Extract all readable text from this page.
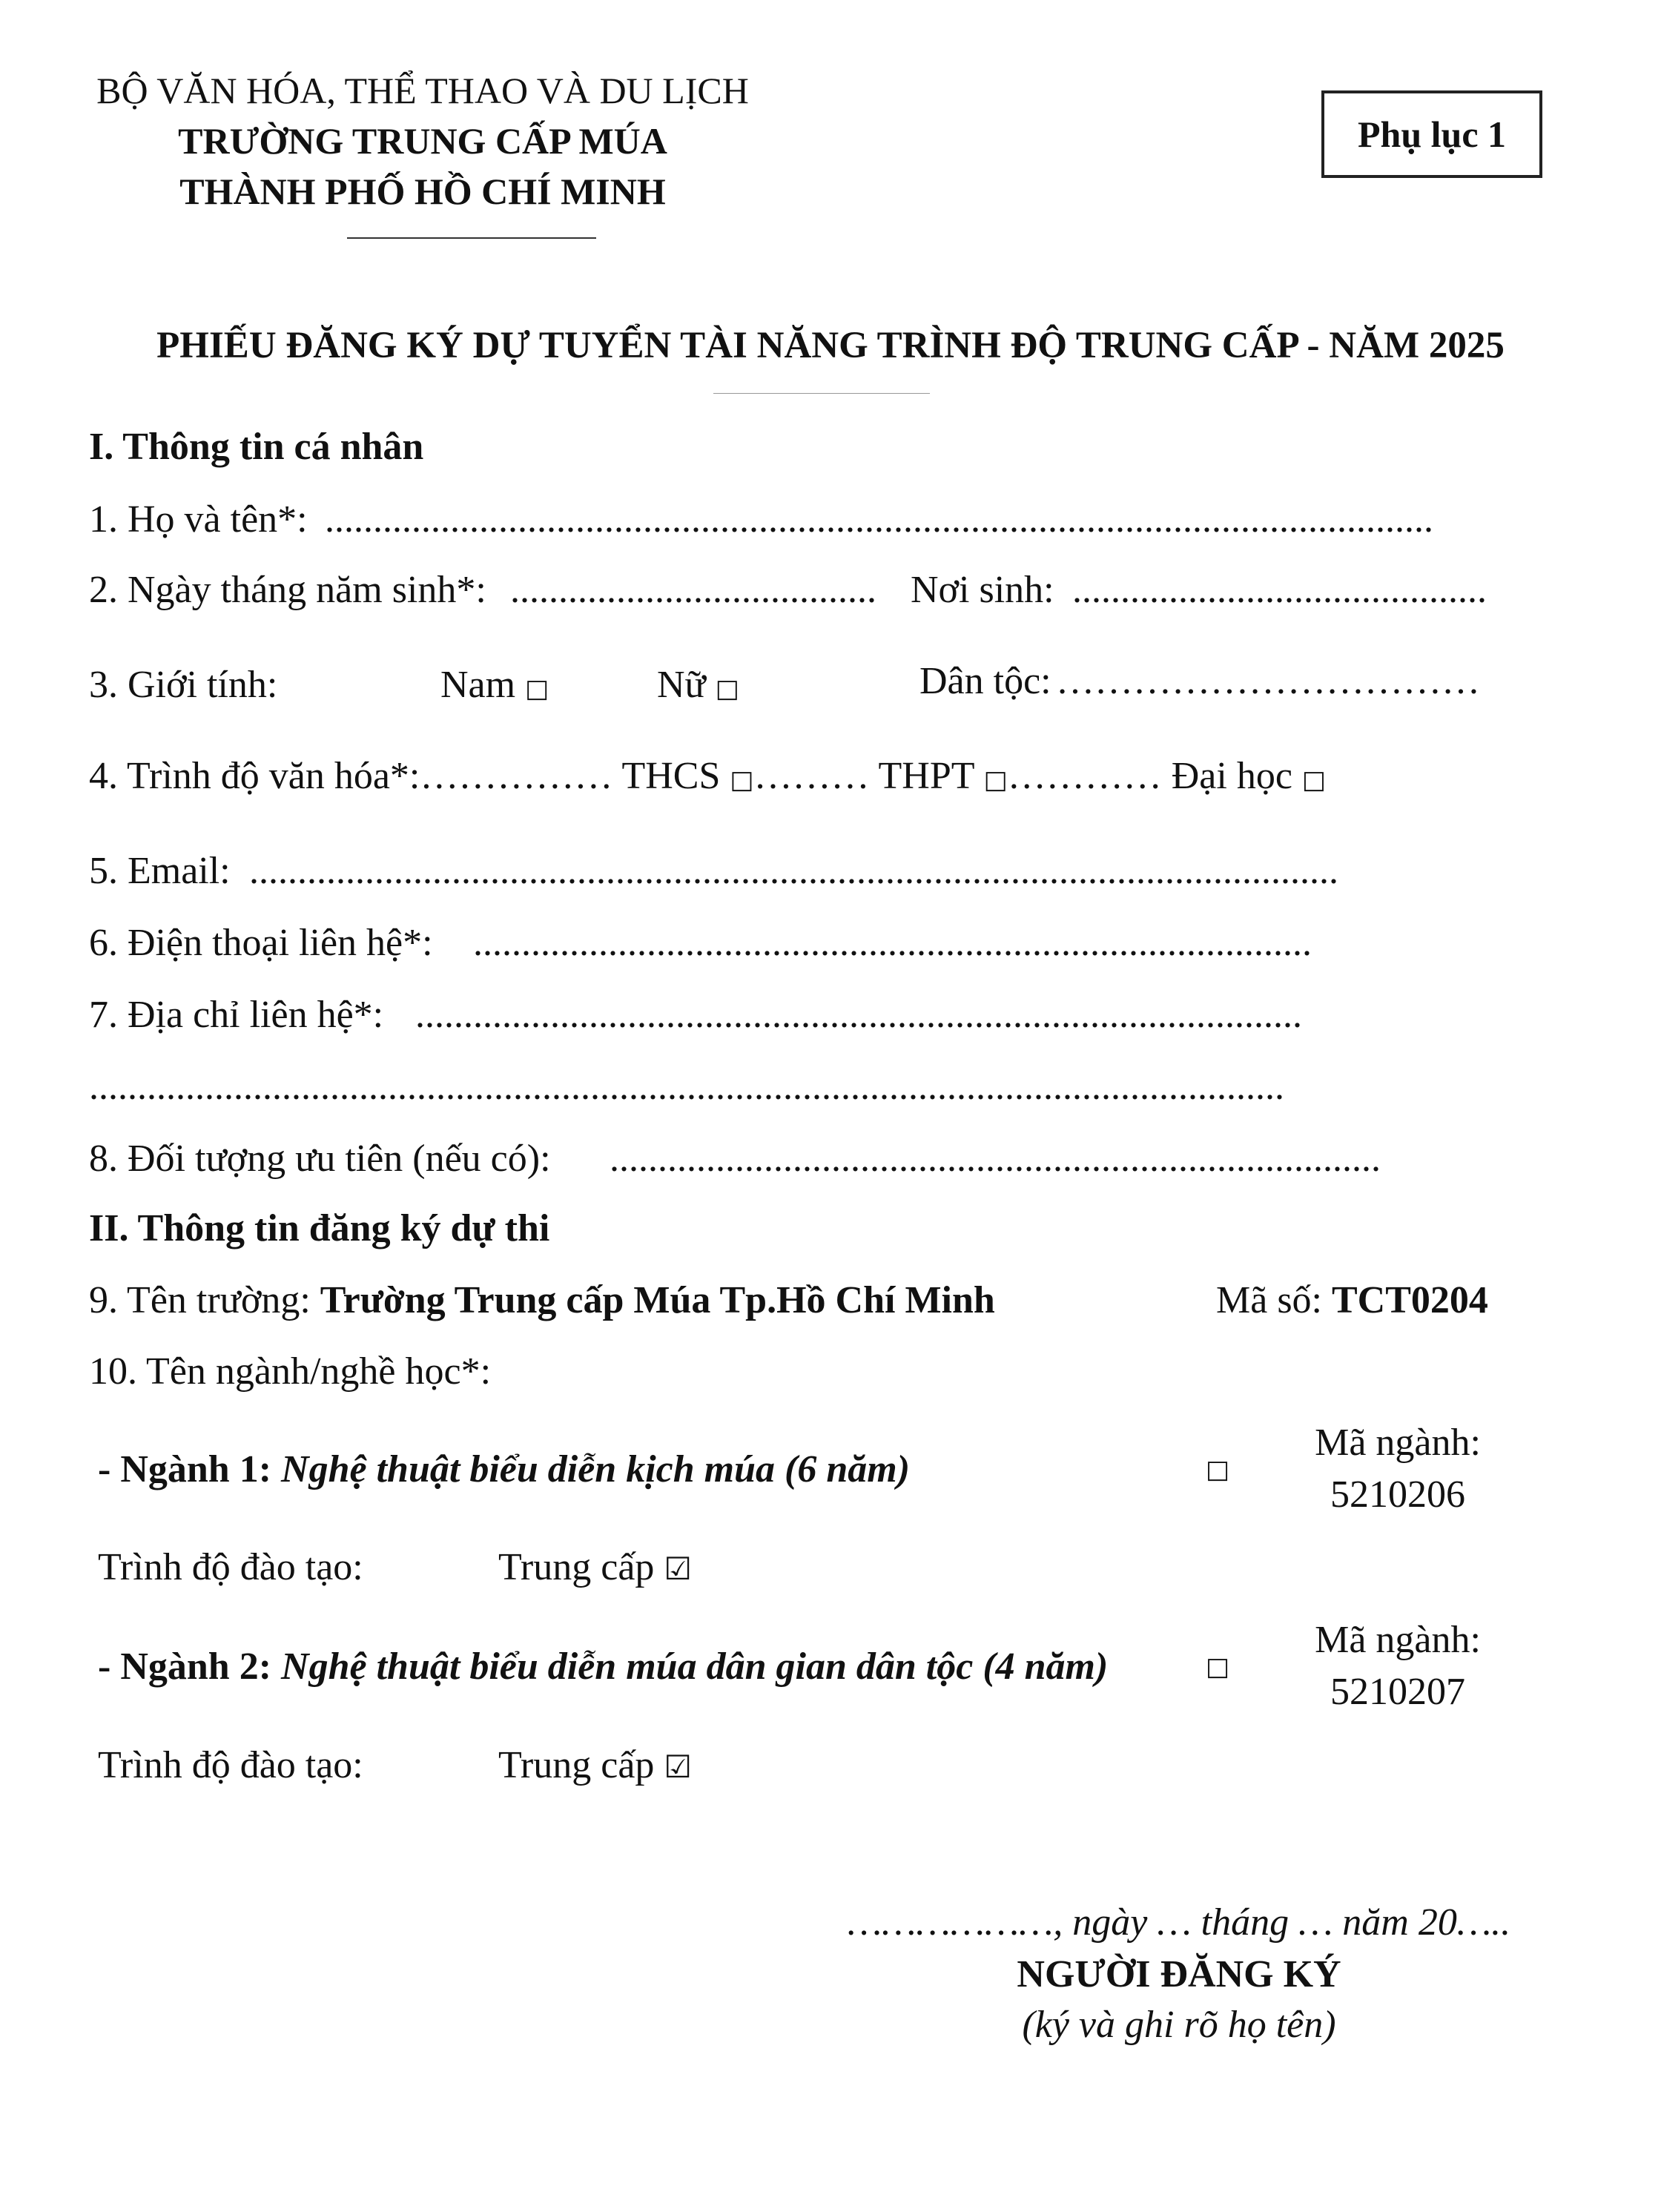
BỘ VĂN HÓA, THỂ THAO VÀ DU LỊCH
TRƯỜNG TRUNG CẤP MÚA
THÀNH PHỐ HỒ CHÍ MINH
Phụ lục 1
PHIẾU ĐĂNG KÝ DỰ TUYỂN TÀI NĂNG TRÌNH ĐỘ TRUNG CẤP - NĂM 2025
I. Thông tin cá nhân
1. Họ và tên*: ...................................................................................................................
2. Ngày tháng năm sinh*: ...................................... Nơi sinh: ...........................................
3. Giới tính:	Nam □	Nữ □	Dân tộc: ……………………………
4. Trình độ văn hóa*:…………… THCS □……… THPT □………… Đại học □
5. Email: .................................................................................................................
6. Điện thoại liên hệ*: .......................................................................................
7. Địa chỉ liên hệ*: ............................................................................................
............................................................................................................................
8. Đối tượng ưu tiên (nếu có): ................................................................................
II. Thông tin đăng ký dự thi
9. Tên trường: Trường Trung cấp Múa Tp.Hồ Chí Minh	Mã số: TCT0204
10. Tên ngành/nghề học*:
- Ngành 1: Nghệ thuật biểu diễn kịch múa (6 năm)	□
Mã ngành:
5210206
Trình độ đào tạo:	Trung cấp ☑
- Ngành 2: Nghệ thuật biểu diễn múa dân gian dân tộc (4 năm)	□
Mã ngành:
5210207
Trình độ đào tạo:	Trung cấp ☑
………………, ngày … tháng … năm 20…..
NGƯỜI ĐĂNG KÝ
(ký và ghi rõ họ tên)
